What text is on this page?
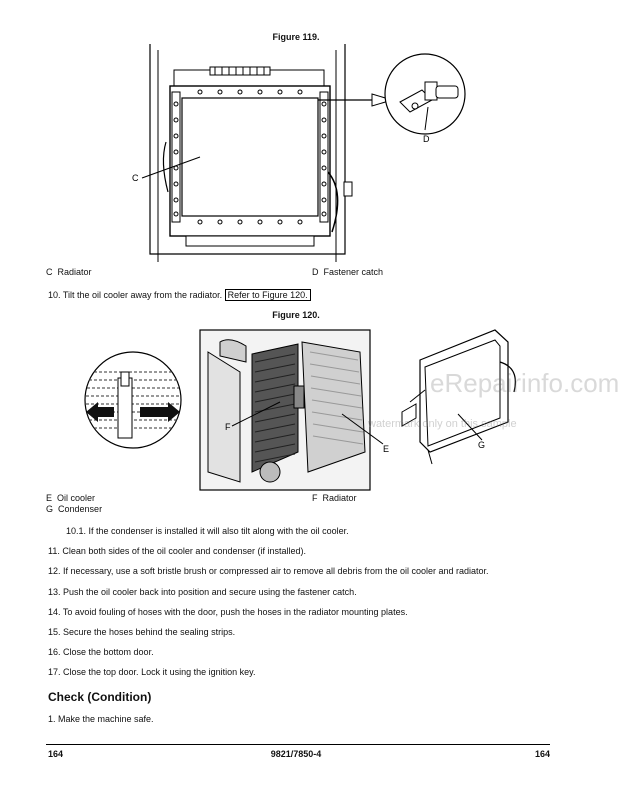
Figure 119.
C
D
C Radiator	D Fastener catch
10. Tilt the oil cooler away from the radiator. Refer to Figure 120.
Figure 120.
F
E	G
eRepairinfo.com
watermark only on this sample
E Oil cooler	F Radiator
G Condenser
10.1. If the condenser is installed it will also tilt along with the oil cooler.
11. Clean both sides of the oil cooler and condenser (if installed).
12. If necessary, use a soft bristle brush or compressed air to remove all debris from the oil cooler and radiator.
13. Push the oil cooler back into position and secure using the fastener catch.
14. To avoid fouling of hoses with the door, push the hoses in the radiator mounting plates.
15. Secure the hoses behind the sealing strips.
16. Close the bottom door.
17. Close the top door. Lock it using the ignition key.
Check (Condition)
1. Make the machine safe.
164	9821/7850-4	164
